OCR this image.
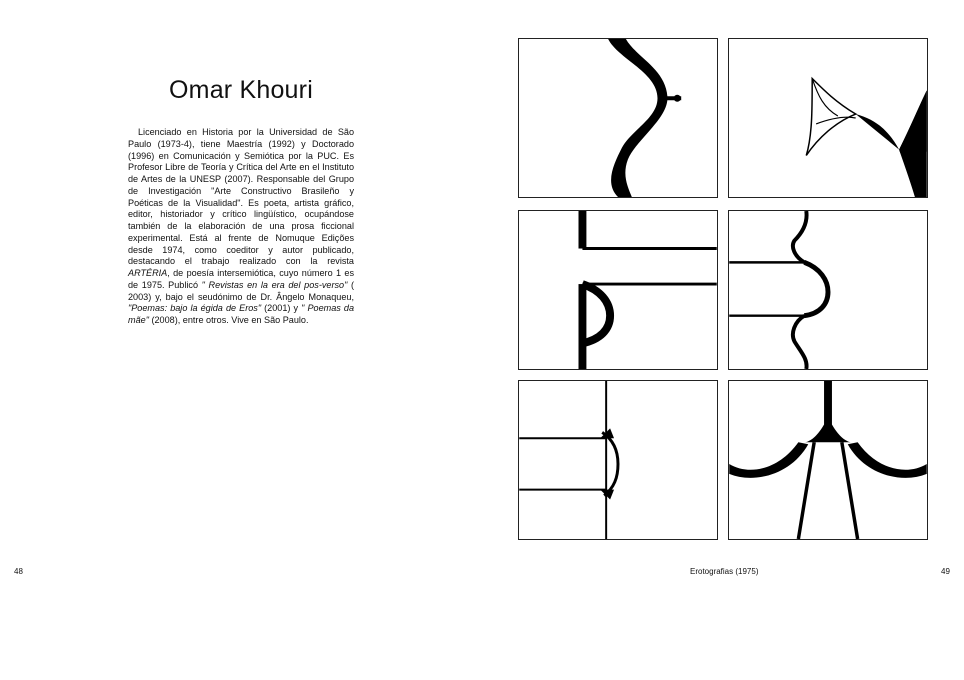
Omar Khouri

Licenciado en Historia por la Universidad de São Paulo (1973-4), tiene Maestría (1992) y Doctorado (1996) en Comunicación y Semiótica por la PUC. Es Profesor Libre de Teoría y Crítica del Arte en el Instituto de Artes de la UNESP (2007). Responsable del Grupo de Investigación "Arte Constructivo Brasileño y Poéticas de la Visualidad". Es poeta, artista gráfico, editor, historiador y crítico lingüístico, ocupándose también de la elaboración de una prosa ficcional experimental. Está al frente de Nomuque Edições desde 1974, como coeditor y autor publicado, destacando el trabajo realizado con la revista ARTÉRIA, de poesía intersemiótica, cuyo número 1 es de 1975. Publicó " Revistas en la era del pos-verso" ( 2003) y, bajo el seudónimo de Dr. Ângelo Monaqueu, "Poemas: bajo la égida de Eros" (2001) y " Poemas da mãe" (2008), entre otros. Vive en São Paulo.

48	Erotografias (1975)	49
